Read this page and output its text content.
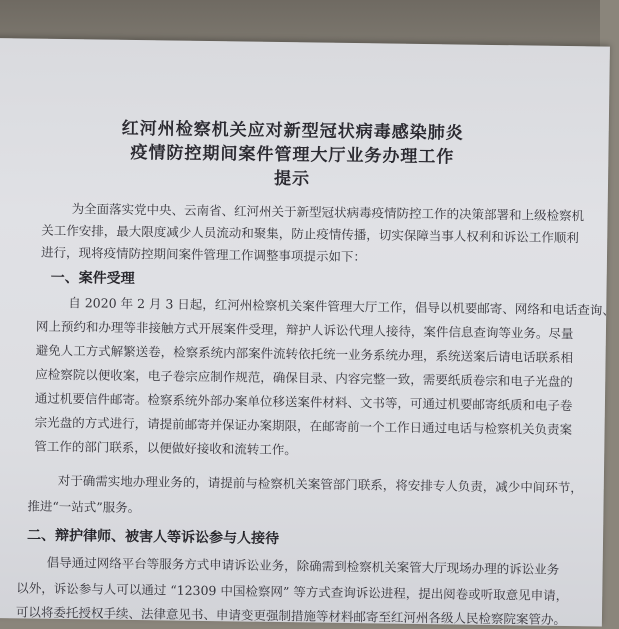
红河州检察机关应对新型冠状病毒感染肺炎
疫情防控期间案件管理大厅业务办理工作
提示
为全面落实党中央、云南省、红河州关于新型冠状病毒疫情防控工作的决策部署和上级检察机
关工作安排，最大限度减少人员流动和聚集，防止疫情传播，切实保障当事人权利和诉讼工作顺利
进行，现将疫情防控期间案件管理工作调整事项提示如下：
一、案件受理
自 2020 年 2 月 3 日起，红河州检察机关案件管理大厅工作，倡导以机要邮寄、网络和电话查询、
网上预约和办理等非接触方式开展案件受理，辩护人诉讼代理人接待，案件信息查询等业务。尽量
避免人工方式解繁送卷，检察系统内部案件流转依托统一业务系统办理，系统送案后请电话联系相
应检察院以便收案，电子卷宗应制作规范，确保目录、内容完整一致，需要纸质卷宗和电子光盘的
通过机要信件邮寄。检察系统外部办案单位移送案件材料、文书等，可通过机要邮寄纸质和电子卷
宗光盘的方式进行，请提前邮寄并保证办案期限，在邮寄前一个工作日通过电话与检察机关负责案
管工作的部门联系，以便做好接收和流转工作。
对于确需实地办理业务的，请提前与检察机关案管部门联系，将安排专人负责，减少中间环节，
推进“一站式”服务。
二、辩护律师、被害人等诉讼参与人接待
倡导通过网络平台等服务方式申请诉讼业务，除确需到检察机关案管大厅现场办理的诉讼业务
以外，诉讼参与人可以通过 “12309 中国检察网” 等方式查询诉讼进程，提出阅卷或听取意见申请，
可以将委托授权手续、法律意见书、申请变更强制措施等材料邮寄至红河州各级人民检察院案管办。
